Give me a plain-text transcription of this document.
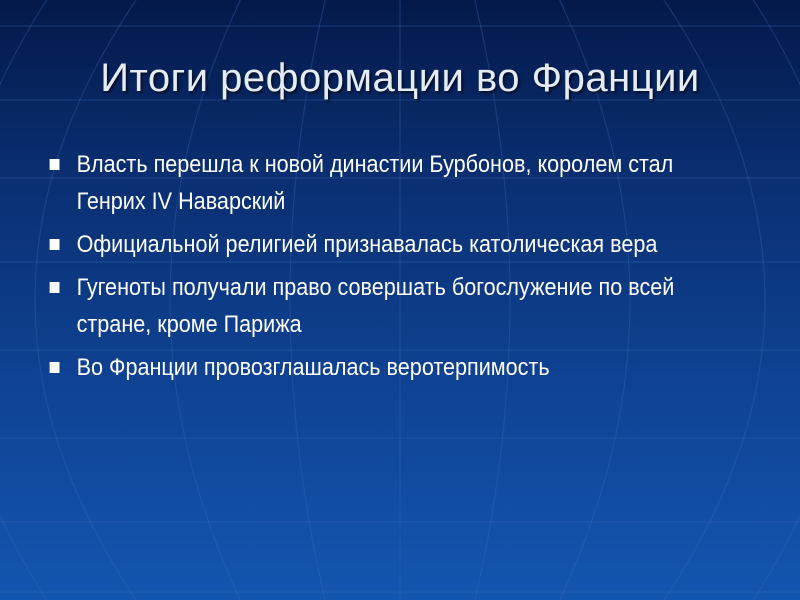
Итоги реформации во Франции
Власть перешла к новой династии Бурбонов, королем стал Генрих IV Наварский
Официальной религией признавалась католическая вера
Гугеноты получали право совершать богослужение по всей стране, кроме Парижа
Во Франции провозглашалась веротерпимость
